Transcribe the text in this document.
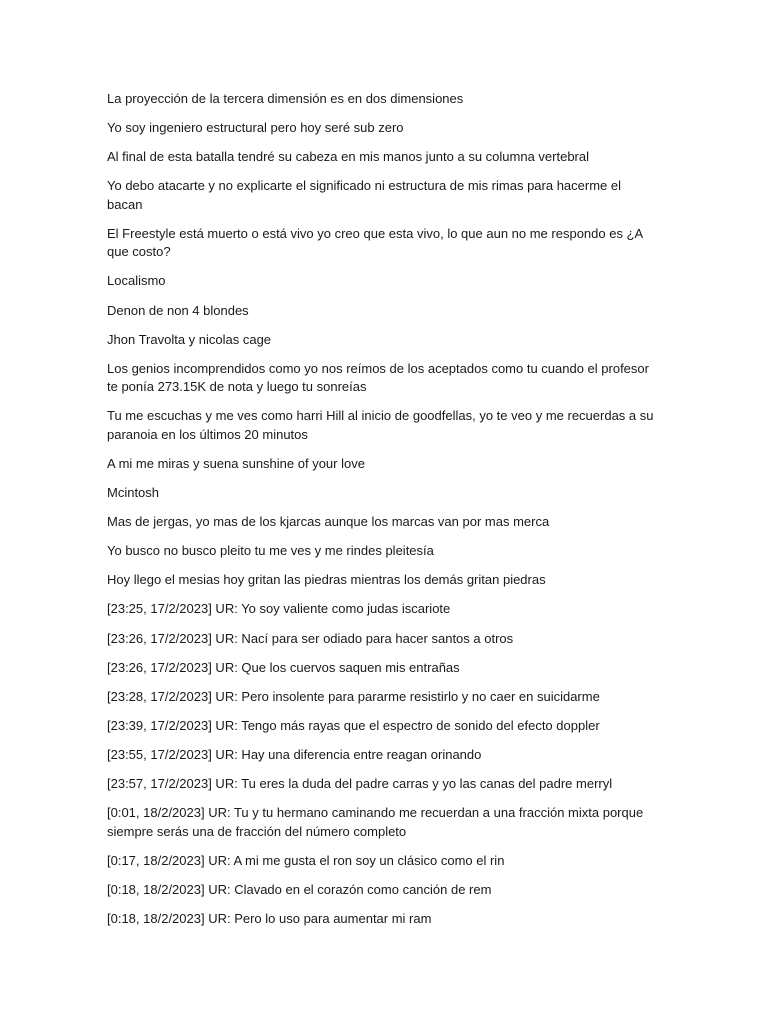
La proyección de la tercera dimensión es en dos dimensiones

Yo soy ingeniero estructural pero hoy seré sub zero

Al final de esta batalla tendré su cabeza en mis manos junto a su columna vertebral

Yo debo atacarte y no explicarte el significado ni estructura de mis rimas para hacerme el bacan

El Freestyle está muerto o está vivo yo creo que esta vivo, lo que aun no me respondo es ¿A que costo?

Localismo

Denon de non 4 blondes

Jhon Travolta y nicolas cage

Los genios incomprendidos como yo nos reímos de los aceptados como tu cuando el profesor te ponía 273.15K de nota y luego tu sonreías

Tu me escuchas y me ves como harri Hill al inicio de goodfellas, yo te veo y me recuerdas a su paranoia en los últimos 20 minutos

A mi me miras y suena sunshine of your love

Mcintosh

Mas de jergas, yo mas de los kjarcas aunque los marcas van por mas merca

Yo busco no busco pleito tu me ves y me rindes pleitesía

Hoy llego el mesias hoy gritan las piedras mientras los demás gritan piedras

[23:25, 17/2/2023] UR: Yo soy valiente como judas iscariote

[23:26, 17/2/2023] UR: Nací para ser odiado para hacer santos a otros

[23:26, 17/2/2023] UR: Que los cuervos saquen mis entrañas

[23:28, 17/2/2023] UR: Pero insolente para pararme resistirlo y no caer en suicidarme

[23:39, 17/2/2023] UR: Tengo más rayas que el espectro de sonido del efecto doppler

[23:55, 17/2/2023] UR: Hay una diferencia entre reagan orinando

[23:57, 17/2/2023] UR: Tu eres la duda del padre carras y yo las canas del padre merryl

[0:01, 18/2/2023] UR: Tu y tu hermano caminando me recuerdan a una fracción mixta porque siempre serás una de fracción del número completo

[0:17, 18/2/2023] UR: A mi me gusta el ron soy un clásico como el rin

[0:18, 18/2/2023] UR: Clavado en el corazón como canción de rem

[0:18, 18/2/2023] UR: Pero lo uso para aumentar mi ram
